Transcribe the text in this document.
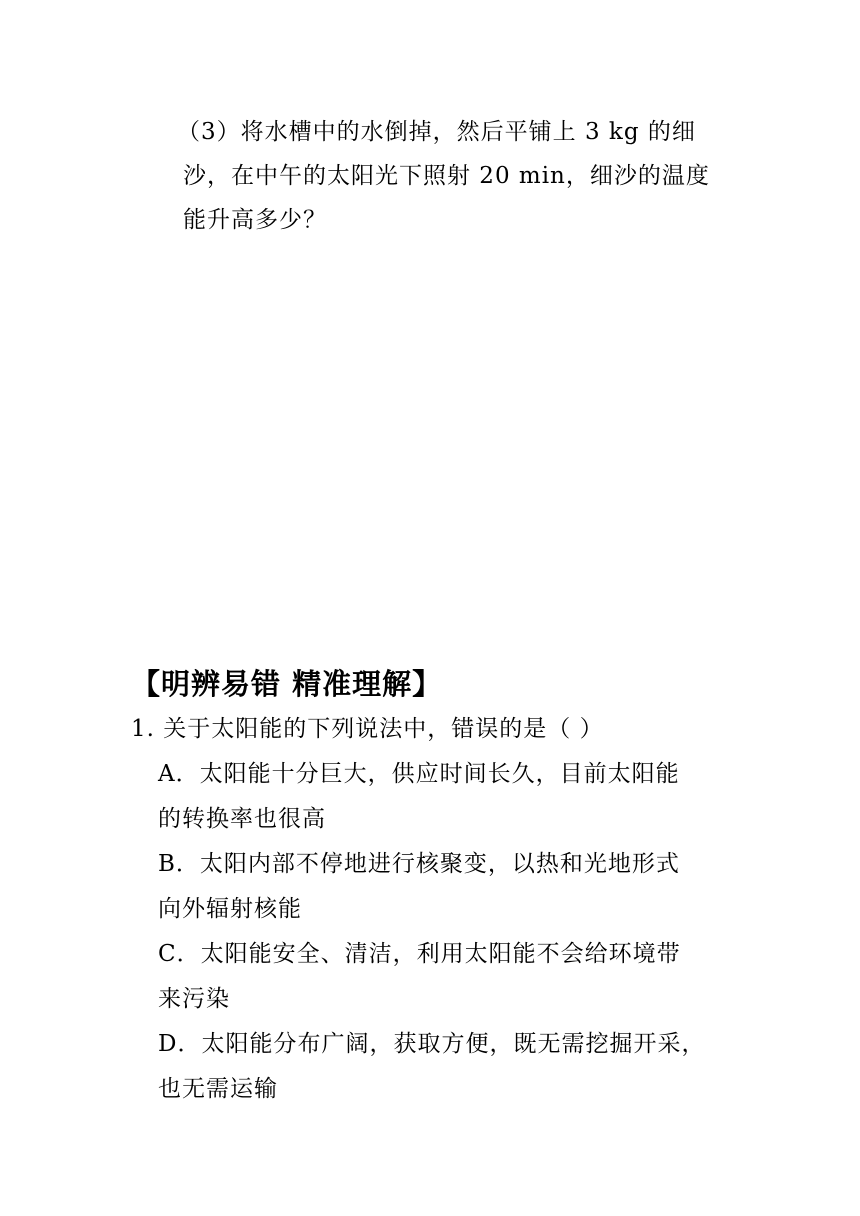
（3）将水槽中的水倒掉，然后平铺上 3 kg 的细
沙，在中午的太阳光下照射 20 min，细沙的温度
能升高多少？
【明辨易错 精准理解】
1. 关于太阳能的下列说法中，错误的是（ ）
A．太阳能十分巨大，供应时间长久，目前太阳能
的转换率也很高
B．太阳内部不停地进行核聚变，以热和光地形式
向外辐射核能
C．太阳能安全、清洁，利用太阳能不会给环境带
来污染
D．太阳能分布广阔，获取方便，既无需挖掘开采，
也无需运输
